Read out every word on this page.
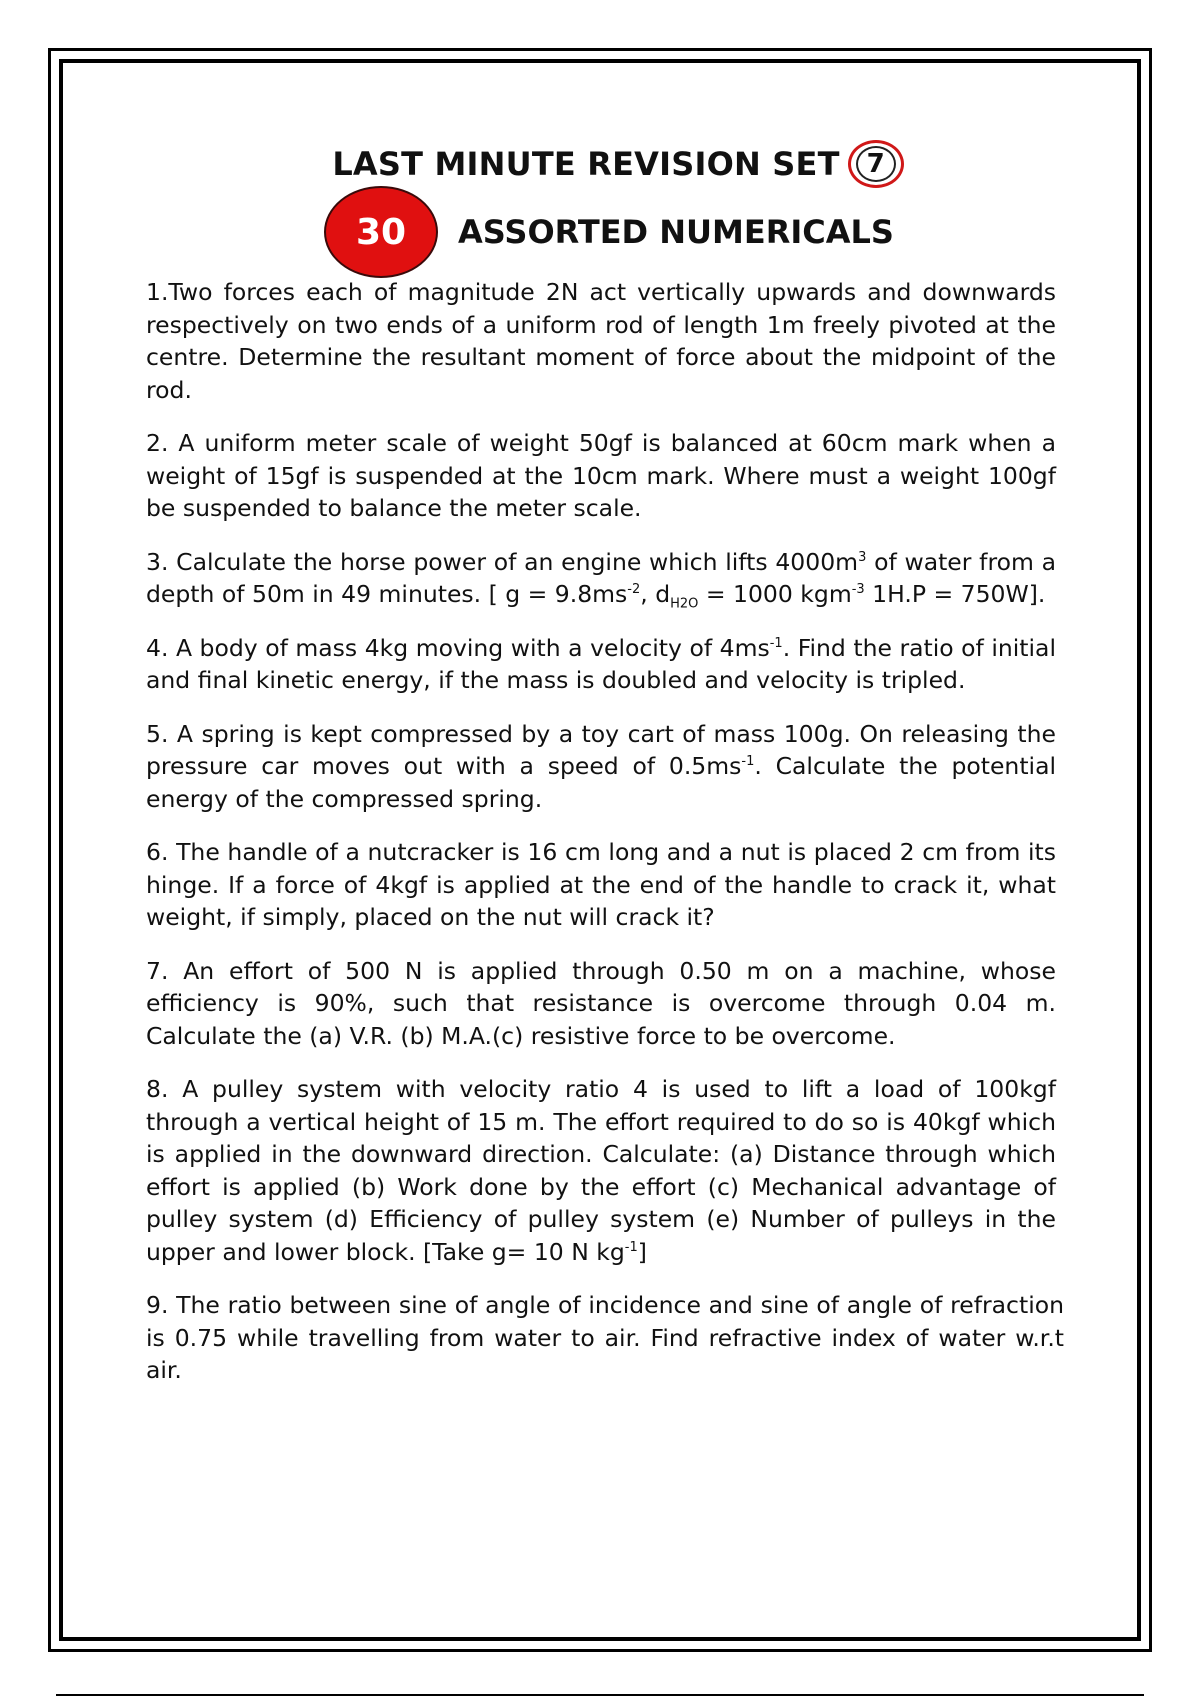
LAST MINUTE REVISION SET	7
30	ASSORTED NUMERICALS

1.Two forces each of magnitude 2N act vertically upwards and downwards respectively on two ends of a uniform rod of length 1m freely pivoted at the centre. Determine the resultant moment of force about the midpoint of the rod.

2. A uniform meter scale of weight 50gf is balanced at 60cm mark when a weight of 15gf is suspended at the 10cm mark. Where must a weight 100gf be suspended to balance the meter scale.

3. Calculate the horse power of an engine which lifts $4000m^3$ of water from a depth of 50m in 49 minutes. [ $g = 9.8ms^{-2}$, $d_{H2O} = 1000$ kgm$^{-3}$ 1H.P = 750W].

4. A body of mass 4kg moving with a velocity of $4ms^{-1}$. Find the ratio of initial and final kinetic energy, if the mass is doubled and velocity is tripled.

5. A spring is kept compressed by a toy cart of mass 100g. On releasing the pressure car moves out with a speed of $0.5ms^{-1}$. Calculate the potential energy of the compressed spring.

6. The handle of a nutcracker is 16 cm long and a nut is placed 2 cm from its hinge. If a force of 4kgf is applied at the end of the handle to crack it, what weight, if simply, placed on the nut will crack it?

7. An effort of 500 N is applied through 0.50 m on a machine, whose efficiency is 90%, such that resistance is overcome through 0.04 m. Calculate the (a) V.R. (b) M.A.(c) resistive force to be overcome.

8. A pulley system with velocity ratio 4 is used to lift a load of 100kgf through a vertical height of 15 m. The effort required to do so is 40kgf which is applied in the downward direction. Calculate: (a) Distance through which effort is applied (b) Work done by the effort (c) Mechanical advantage of pulley system (d) Efficiency of pulley system (e) Number of pulleys in the upper and lower block. [Take g= 10 N $kg^{-1}$]

9. The ratio between sine of angle of incidence and sine of angle of refraction is 0.75 while travelling from water to air. Find refractive index of water w.r.t air.
